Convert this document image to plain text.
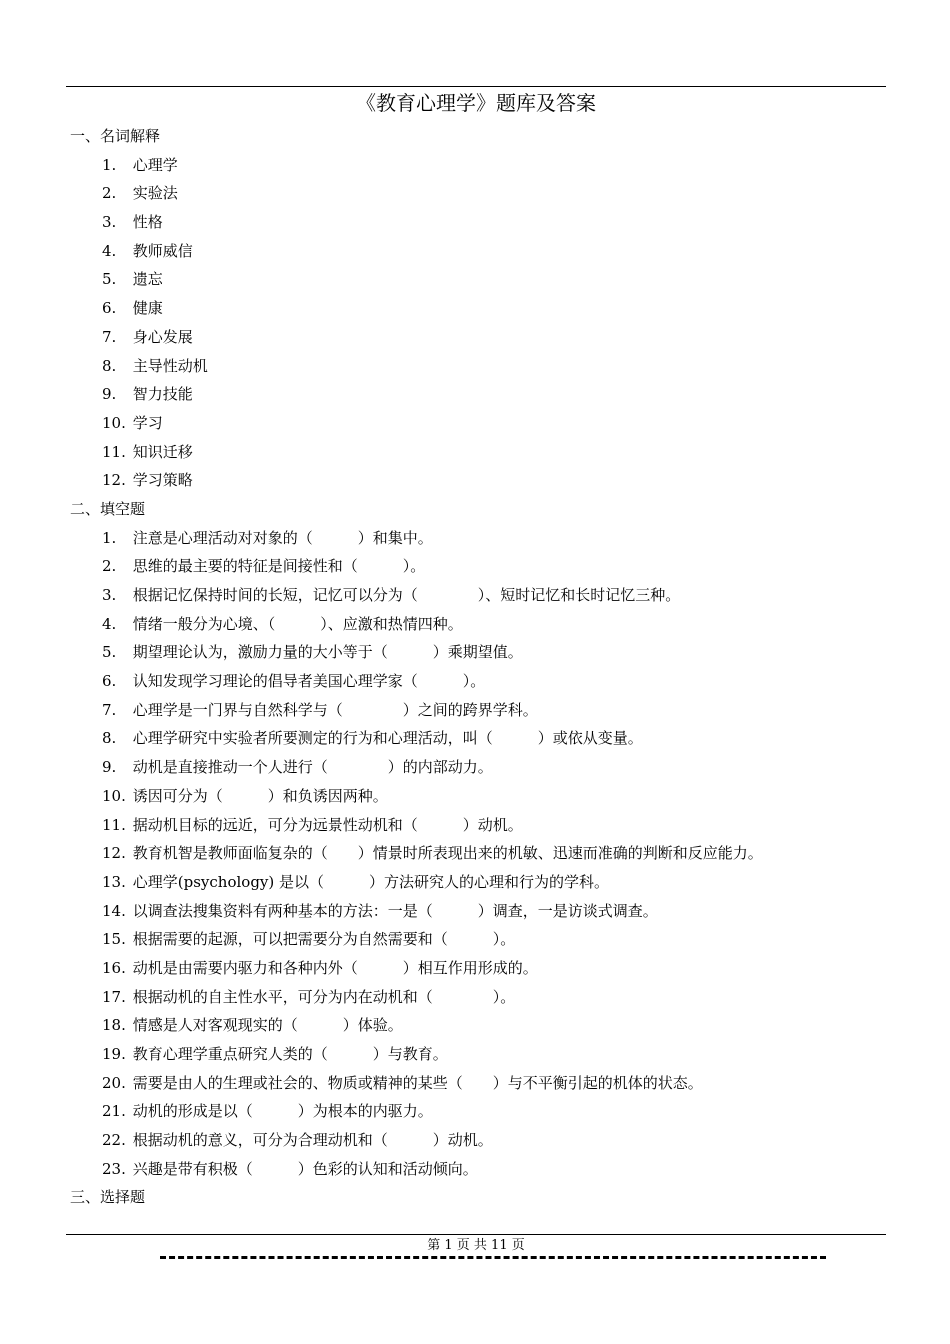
《教育心理学》题库及答案
一、名词解释
1. 心理学
2. 实验法
3. 性格
4. 教师威信
5. 遗忘
6. 健康
7. 身心发展
8. 主导性动机
9. 智力技能
10. 学习
11. 知识迁移
12. 学习策略
二、填空题
1. 注意是心理活动对对象的（　　　）和集中。
2. 思维的最主要的特征是间接性和（　　　）。
3. 根据记忆保持时间的长短，记忆可以分为（　　　　）、短时记忆和长时记忆三种。
4. 情绪一般分为心境、（　　　）、应激和热情四种。
5. 期望理论认为，激励力量的大小等于（　　　）乘期望值。
6. 认知发现学习理论的倡导者美国心理学家（　　　）。
7. 心理学是一门界与自然科学与（　　　　）之间的跨界学科。
8. 心理学研究中实验者所要测定的行为和心理活动，叫（　　　）或依从变量。
9. 动机是直接推动一个人进行（　　　　）的内部动力。
10. 诱因可分为（　　　）和负诱因两种。
11. 据动机目标的远近，可分为远景性动机和（　　　）动机。
12. 教育机智是教师面临复杂的（　　）情景时所表现出来的机敏、迅速而准确的判断和反应能力。
13. 心理学(psychology) 是以（　　　）方法研究人的心理和行为的学科。
14. 以调查法搜集资料有两种基本的方法：一是（　　　）调查，一是访谈式调查。
15. 根据需要的起源，可以把需要分为自然需要和（　　　）。
16. 动机是由需要内驱力和各种内外（　　　）相互作用形成的。
17. 根据动机的自主性水平，可分为内在动机和（　　　　）。
18. 情感是人对客观现实的（　　　）体验。
19. 教育心理学重点研究人类的（　　　）与教育。
20. 需要是由人的生理或社会的、物质或精神的某些（　　）与不平衡引起的机体的状态。
21. 动机的形成是以（　　　）为根本的内驱力。
22. 根据动机的意义，可分为合理动机和（　　　）动机。
23. 兴趣是带有积极（　　　）色彩的认知和活动倾向。
三、选择题
第 1 页 共 11 页
